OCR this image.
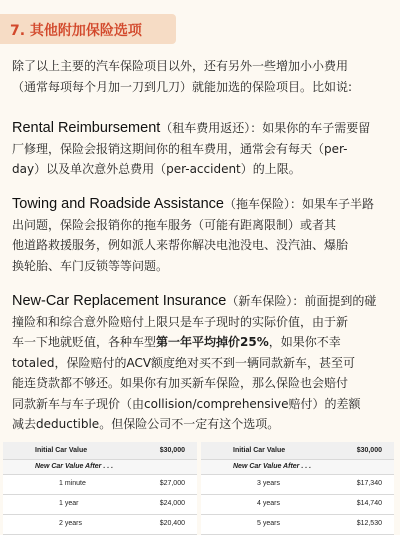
7. 其他附加保险选项

除了以上主要的汽车保险项目以外，还有另外一些增加小小费用
（通常每项每个月加一刀到几刀）就能加选的保险项目。比如说:

Rental Reimbursement（租车费用返还）：如果你的车子需要留
厂修理，保险会报销这期间你的租车费用，通常会有每天（per-
day）以及单次意外总费用（per-accident）的上限。

Towing and Roadside Assistance（拖车保险）：如果车子半路
出问题，保险会报销你的拖车服务（可能有距离限制）或者其
他道路救援服务，例如派人来帮你解决电池没电、没汽油、爆胎
换轮胎、车门反锁等等问题。

New-Car Replacement Insurance（新车保险）：前面提到的碰
撞险和和综合意外险赔付上限只是车子现时的实际价值，由于新
车一下地就贬值，各种车型第一年平均掉价25%，如果你不幸
totaled，保险赔付的ACV额度绝对买不到一辆同款新车，甚至可
能连贷款都不够还。如果你有加买新车保险，那么保险也会赔付
同款新车与车子现价（由collision/comprehensive赔付）的差额
减去deductible。但保险公司不一定有这个选项。

Initial Car Value	$30,000
New Car Value After . . .
1 minute	$27,000
1 year	$24,000
2 years	$20,400
Initial Car Value	$30,000
New Car Value After . . .
3 years	$17,340
4 years	$14,740
5 years	$12,530
